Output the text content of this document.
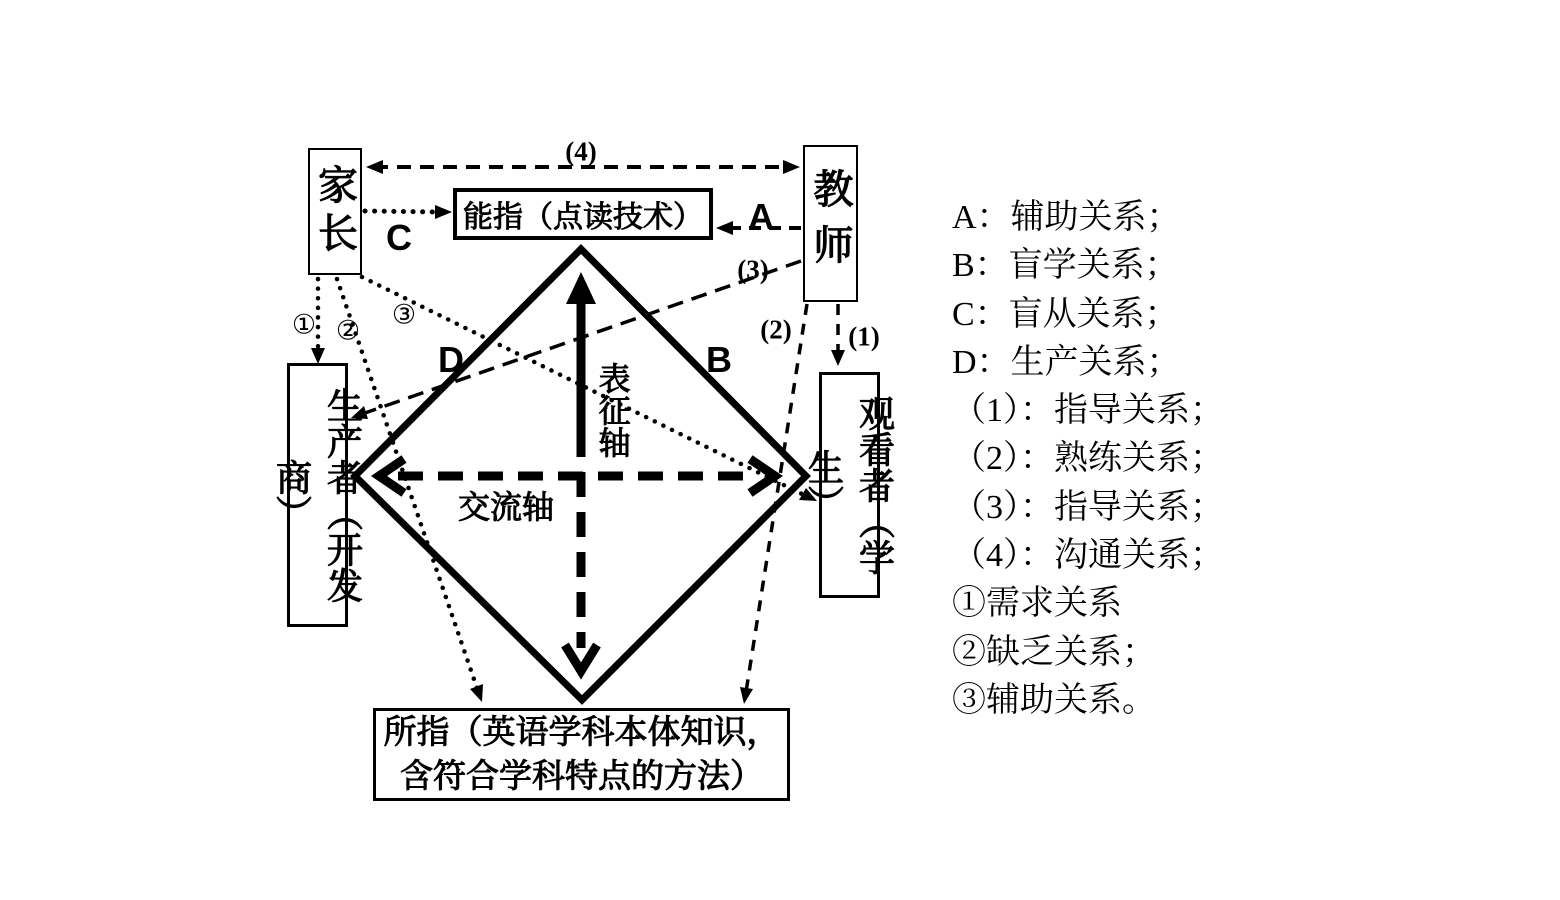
家长	教师
能指（点读技术）
生产者（开发商）	观看者（学生）
所指（英语学科本体知识，
含符合学科特点的方法）
表征轴
交流轴
(4)
C
A
(3)
(2) (1)
D	B
① ②
③
A：辅助关系；
B：盲学关系；
C：盲从关系；
D：生产关系；
（1）：指导关系；
（2）：熟练关系；
（3）：指导关系；
（4）：沟通关系；
①需求关系
②缺乏关系；
③辅助关系。
